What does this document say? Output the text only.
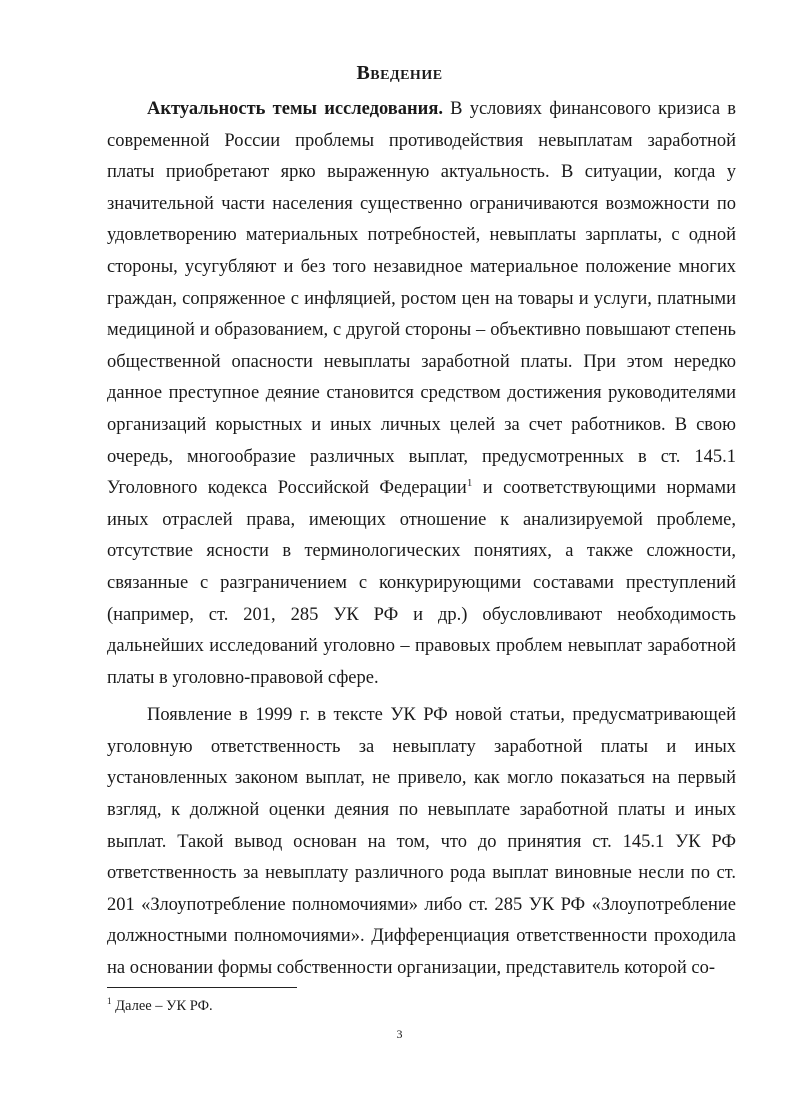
Введение

Актуальность темы исследования. В условиях финансового кризиса в современной России проблемы противодействия невыплатам заработной платы приобретают ярко выраженную актуальность. В ситуации, когда у значительной части населения существенно ограничиваются возможности по удовлетворению материальных потребностей, невыплаты зарплаты, с одной стороны, усугубляют и без того незавидное материальное положение многих граждан, сопряженное с инфляцией, ростом цен на товары и услуги, платными медициной и образованием, с другой стороны – объективно повышают степень общественной опасности невыплаты заработной платы. При этом нередко данное преступное деяние становится средством достижения руководителями организаций корыстных и иных личных целей за счет работников. В свою очередь, многообразие различных выплат, предусмотренных в ст. 145.1 Уголовного кодекса Российской Федерации$^1$ и соответствующими нормами иных отраслей права, имеющих отношение к анализируемой проблеме, отсутствие ясности в терминологических понятиях, а также сложности, связанные с разграничением с конкурирующими составами преступлений (например, ст. 201, 285 УК РФ и др.) обусловливают необходимость дальнейших исследований уголовно – правовых проблем невыплат заработной платы в уголовно-правовой сфере.

Появление в 1999 г. в тексте УК РФ новой статьи, предусматривающей уголовную ответственность за невыплату заработной платы и иных установленных законом выплат, не привело, как могло показаться на первый взгляд, к должной оценки деяния по невыплате заработной платы и иных выплат. Такой вывод основан на том, что до принятия ст. 145.1 УК РФ ответственность за невыплату различного рода выплат виновные несли по ст. 201 «Злоупотребление полномочиями» либо ст. 285 УК РФ «Злоупотребление должностными полномочиями». Дифференциация ответственности проходила на основании формы собственности организации, представитель которой со-

$^1$ Далее – УК РФ.
3
